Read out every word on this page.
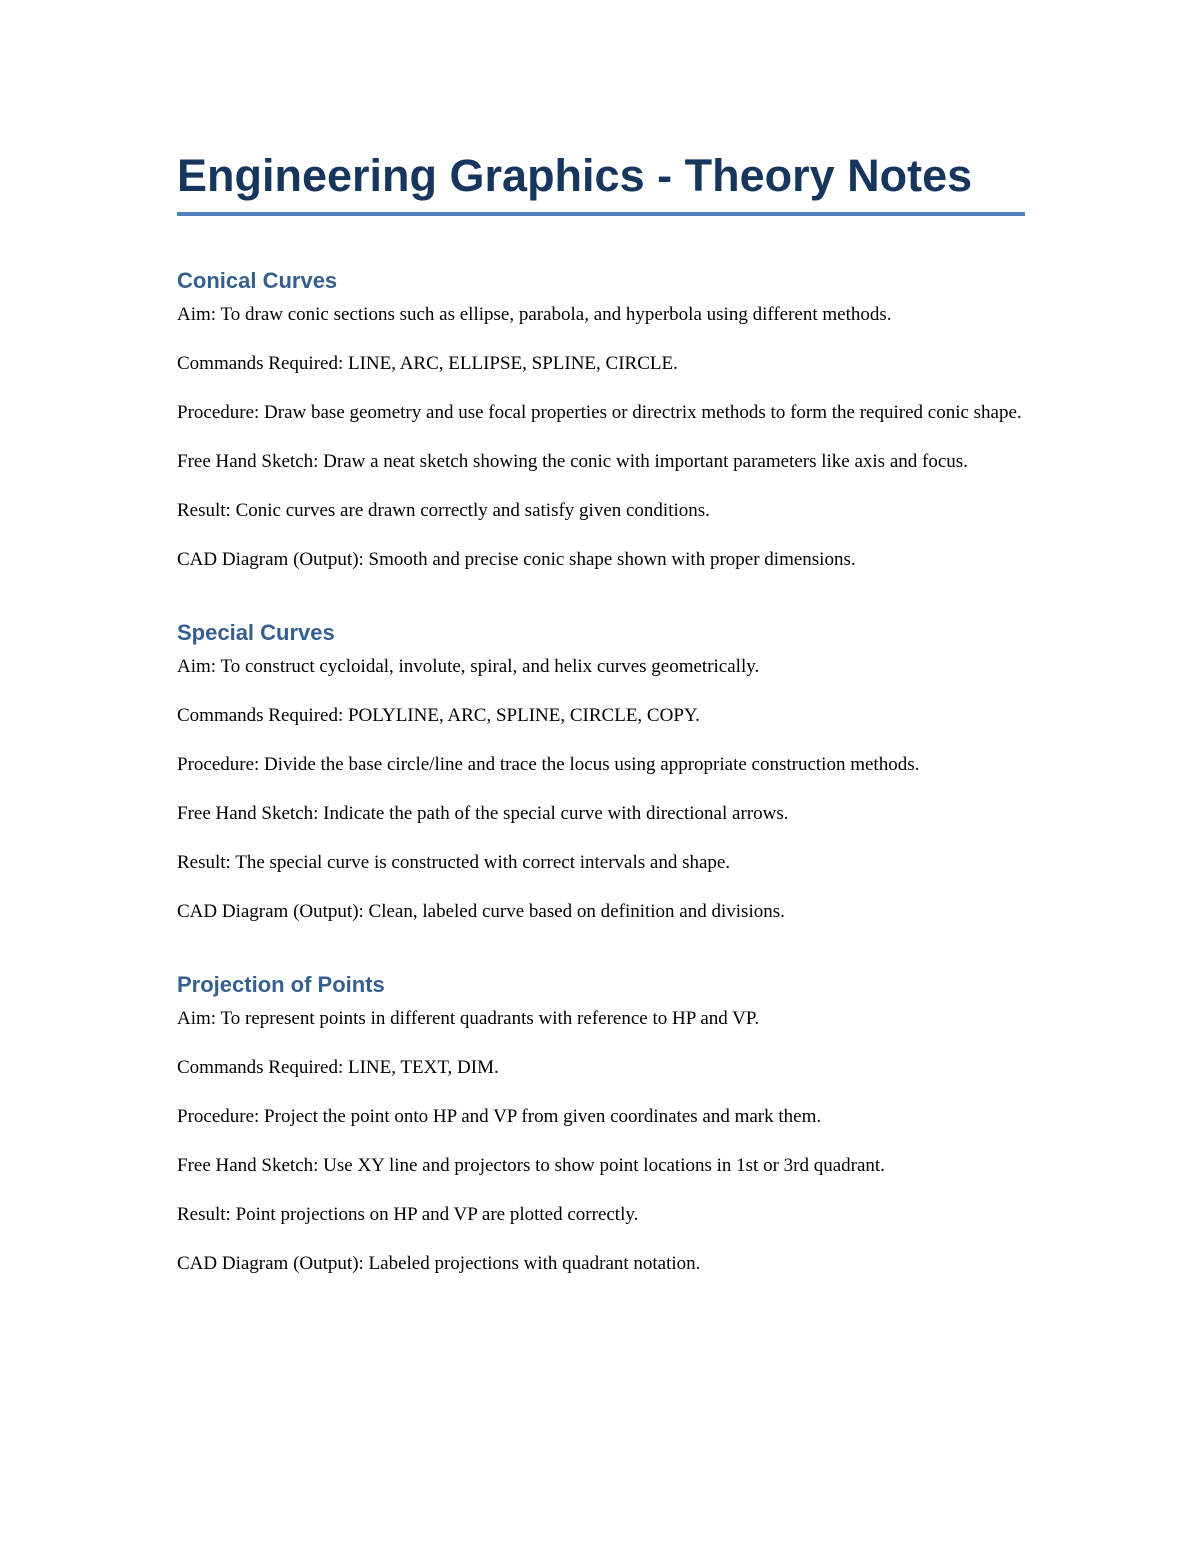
Engineering Graphics - Theory Notes
Conical Curves

Aim: To draw conic sections such as ellipse, parabola, and hyperbola using different methods.

Commands Required: LINE, ARC, ELLIPSE, SPLINE, CIRCLE.

Procedure: Draw base geometry and use focal properties or directrix methods to form the required conic shape.

Free Hand Sketch: Draw a neat sketch showing the conic with important parameters like axis and focus.

Result: Conic curves are drawn correctly and satisfy given conditions.

CAD Diagram (Output): Smooth and precise conic shape shown with proper dimensions.

Special Curves

Aim: To construct cycloidal, involute, spiral, and helix curves geometrically.

Commands Required: POLYLINE, ARC, SPLINE, CIRCLE, COPY.

Procedure: Divide the base circle/line and trace the locus using appropriate construction methods.

Free Hand Sketch: Indicate the path of the special curve with directional arrows.

Result: The special curve is constructed with correct intervals and shape.

CAD Diagram (Output): Clean, labeled curve based on definition and divisions.

Projection of Points

Aim: To represent points in different quadrants with reference to HP and VP.

Commands Required: LINE, TEXT, DIM.

Procedure: Project the point onto HP and VP from given coordinates and mark them.

Free Hand Sketch: Use XY line and projectors to show point locations in 1st or 3rd quadrant.

Result: Point projections on HP and VP are plotted correctly.

CAD Diagram (Output): Labeled projections with quadrant notation.
